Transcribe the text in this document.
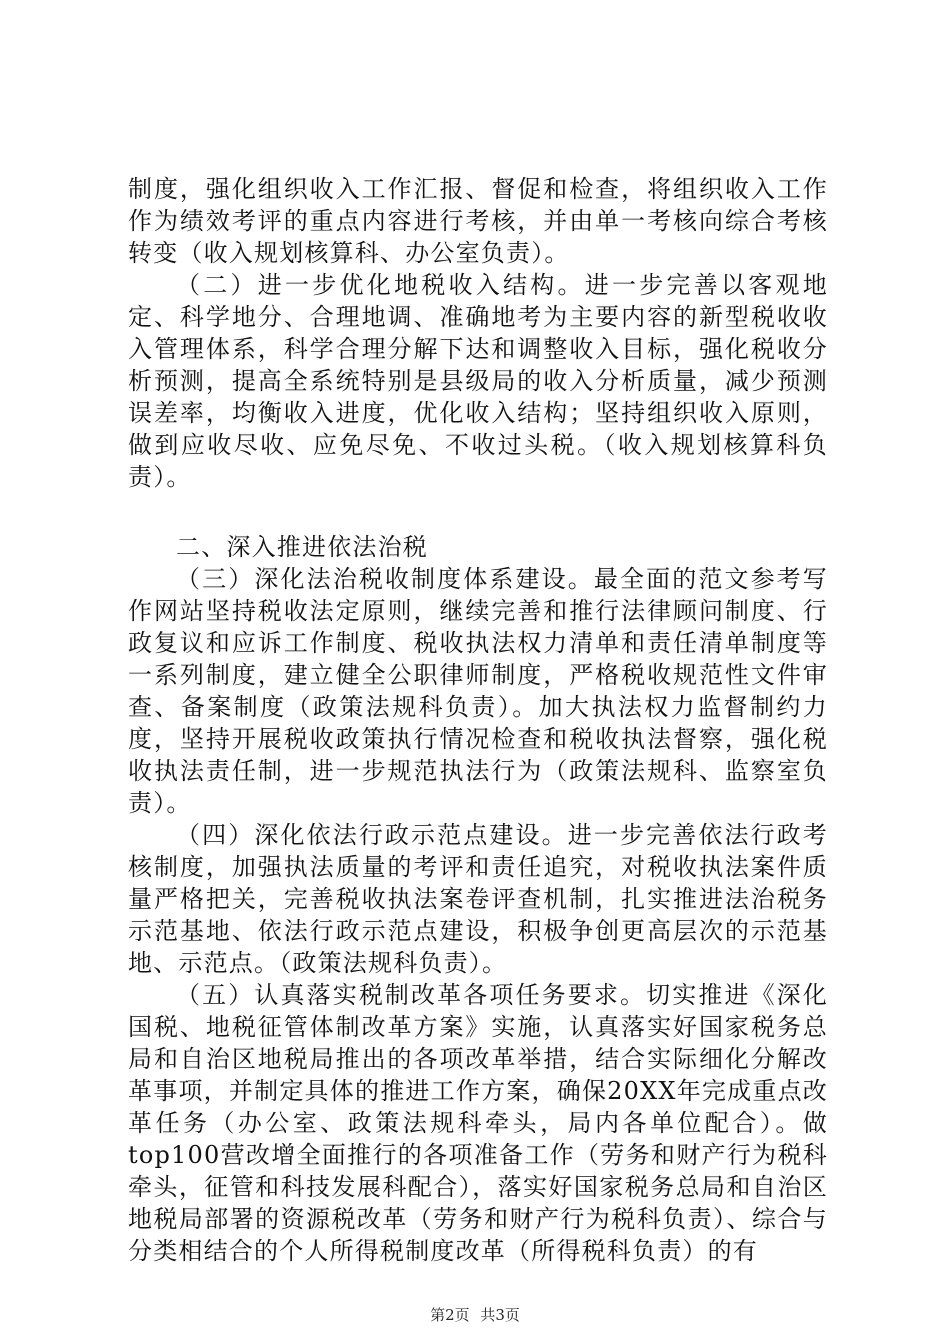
制度，强化组织收入工作汇报、督促和检查，将组织收入工作作为绩效考评的重点内容进行考核，并由单一考核向综合考核转变（收入规划核算科、办公室负责）。

（二）进一步优化地税收入结构。进一步完善以客观地定、科学地分、合理地调、准确地考为主要内容的新型税收收入管理体系，科学合理分解下达和调整收入目标，强化税收分析预测，提高全系统特别是县级局的收入分析质量，减少预测误差率，均衡收入进度，优化收入结构；坚持组织收入原则，做到应收尽收、应免尽免、不收过头税。（收入规划核算科负责）。

二、深入推进依法治税

（三）深化法治税收制度体系建设。最全面的范文参考写作网站坚持税收法定原则，继续完善和推行法律顾问制度、行政复议和应诉工作制度、税收执法权力清单和责任清单制度等一系列制度，建立健全公职律师制度，严格税收规范性文件审查、备案制度（政策法规科负责）。加大执法权力监督制约力度，坚持开展税收政策执行情况检查和税收执法督察，强化税收执法责任制，进一步规范执法行为（政策法规科、监察室负责）。

（四）深化依法行政示范点建设。进一步完善依法行政考核制度，加强执法质量的考评和责任追究，对税收执法案件质量严格把关，完善税收执法案卷评查机制，扎实推进法治税务示范基地、依法行政示范点建设，积极争创更高层次的示范基地、示范点。（政策法规科负责）。

（五）认真落实税制改革各项任务要求。切实推进《深化国税、地税征管体制改革方案》实施，认真落实好国家税务总局和自治区地税局推出的各项改革举措，结合实际细化分解改革事项，并制定具体的推进工作方案，确保20XX年完成重点改革任务（办公室、政策法规科牵头，局内各单位配合）。做top100营改增全面推行的各项准备工作（劳务和财产行为税科牵头，征管和科技发展科配合），落实好国家税务总局和自治区地税局部署的资源税改革（劳务和财产行为税科负责）、综合与分类相结合的个人所得税制度改革（所得税科负责）的有

第2页 共3页
